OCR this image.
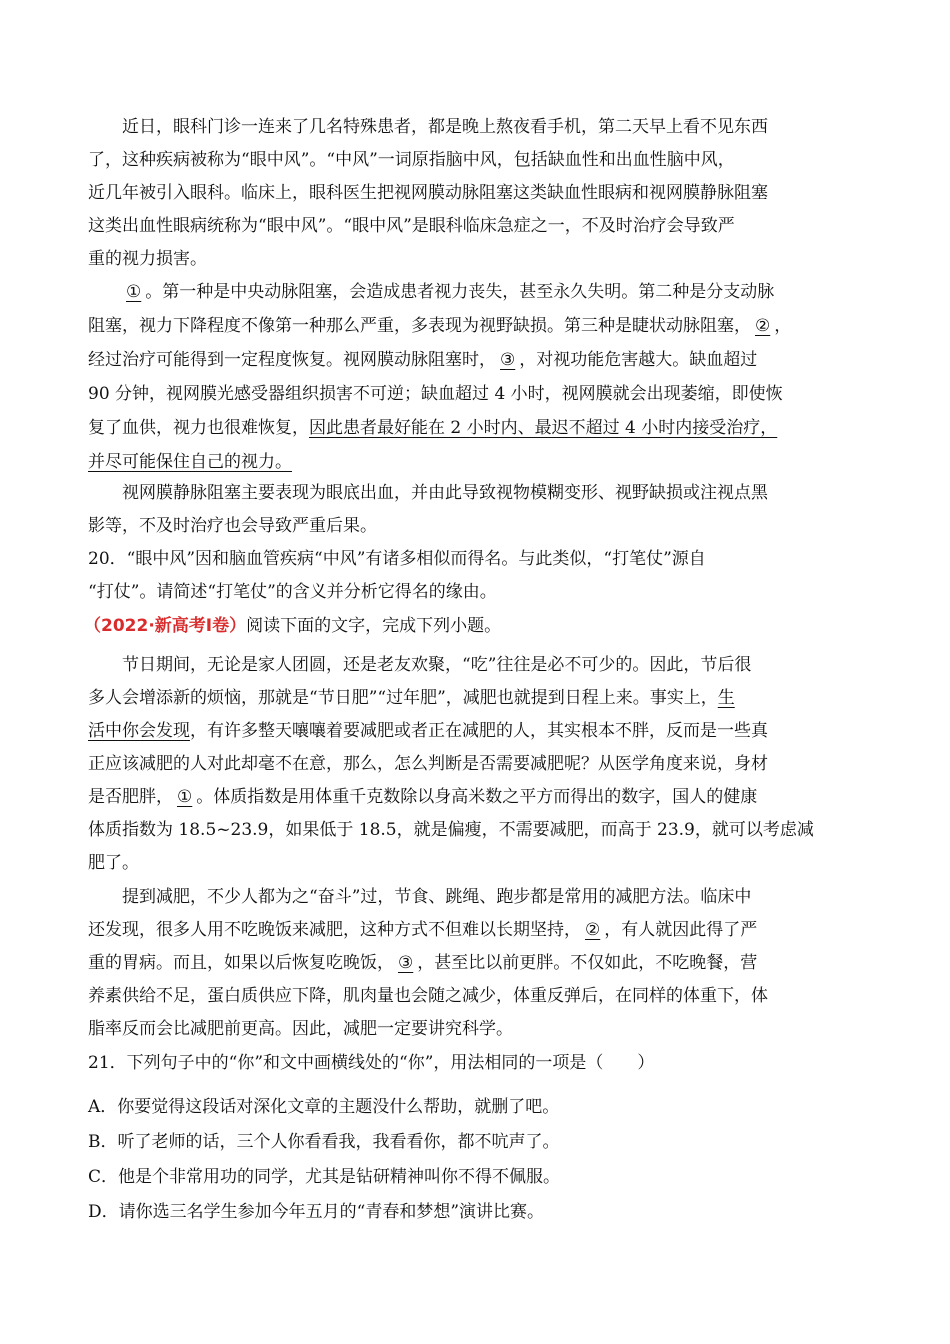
近日，眼科门诊一连来了几名特殊患者，都是晚上熬夜看手机，第二天早上看不见东西
了，这种疾病被称为“眼中风”。“中风”一词原指脑中风，包括缺血性和出血性脑中风，
近几年被引入眼科。临床上，眼科医生把视网膜动脉阻塞这类缺血性眼病和视网膜静脉阻塞
这类出血性眼病统称为“眼中风”。“眼中风”是眼科临床急症之一，不及时治疗会导致严
重的视力损害。
① 。第一种是中央动脉阻塞，会造成患者视力丧失，甚至永久失明。第二种是分支动脉
阻塞，视力下降程度不像第一种那么严重，多表现为视野缺损。第三种是睫状动脉阻塞， ② ，
经过治疗可能得到一定程度恢复。视网膜动脉阻塞时， ③ ，对视功能危害越大。缺血超过
90 分钟，视网膜光感受器组织损害不可逆；缺血超过 4 小时，视网膜就会出现萎缩，即使恢
复了血供，视力也很难恢复，因此患者最好能在 2 小时内、最迟不超过 4 小时内接受治疗，
并尽可能保住自己的视力。
视网膜静脉阻塞主要表现为眼底出血，并由此导致视物模糊变形、视野缺损或注视点黑
影等，不及时治疗也会导致严重后果。
20．“眼中风”因和脑血管疾病“中风”有诸多相似而得名。与此类似，“打笔仗”源自
“打仗”。请简述“打笔仗”的含义并分析它得名的缘由。
（2022·新高考Ⅰ卷）阅读下面的文字，完成下列小题。
节日期间，无论是家人团圆，还是老友欢聚，“吃”往往是必不可少的。因此，节后很
多人会增添新的烦恼，那就是“节日肥”“过年肥”，减肥也就提到日程上来。事实上，生
活中你会发现，有许多整天嚷嚷着要减肥或者正在减肥的人，其实根本不胖，反而是一些真
正应该减肥的人对此却毫不在意，那么，怎么判断是否需要减肥呢？从医学角度来说，身材
是否肥胖， ① 。体质指数是用体重千克数除以身高米数之平方而得出的数字，国人的健康
体质指数为 18.5~23.9，如果低于 18.5，就是偏瘦，不需要减肥，而高于 23.9，就可以考虑减
肥了。
提到减肥，不少人都为之“奋斗”过，节食、跳绳、跑步都是常用的减肥方法。临床中
还发现，很多人用不吃晚饭来减肥，这种方式不但难以长期坚持， ② ，有人就因此得了严
重的胃病。而且，如果以后恢复吃晚饭， ③ ，甚至比以前更胖。不仅如此，不吃晚餐，营
养素供给不足，蛋白质供应下降，肌肉量也会随之减少，体重反弹后，在同样的体重下，体
脂率反而会比减肥前更高。因此，减肥一定要讲究科学。
21．下列句子中的“你”和文中画横线处的“你”，用法相同的一项是（　　）
A．你要觉得这段话对深化文章的主题没什么帮助，就删了吧。
B．听了老师的话，三个人你看看我，我看看你，都不吭声了。
C．他是个非常用功的同学，尤其是钻研精神叫你不得不佩服。
D．请你选三名学生参加今年五月的“青春和梦想”演讲比赛。
